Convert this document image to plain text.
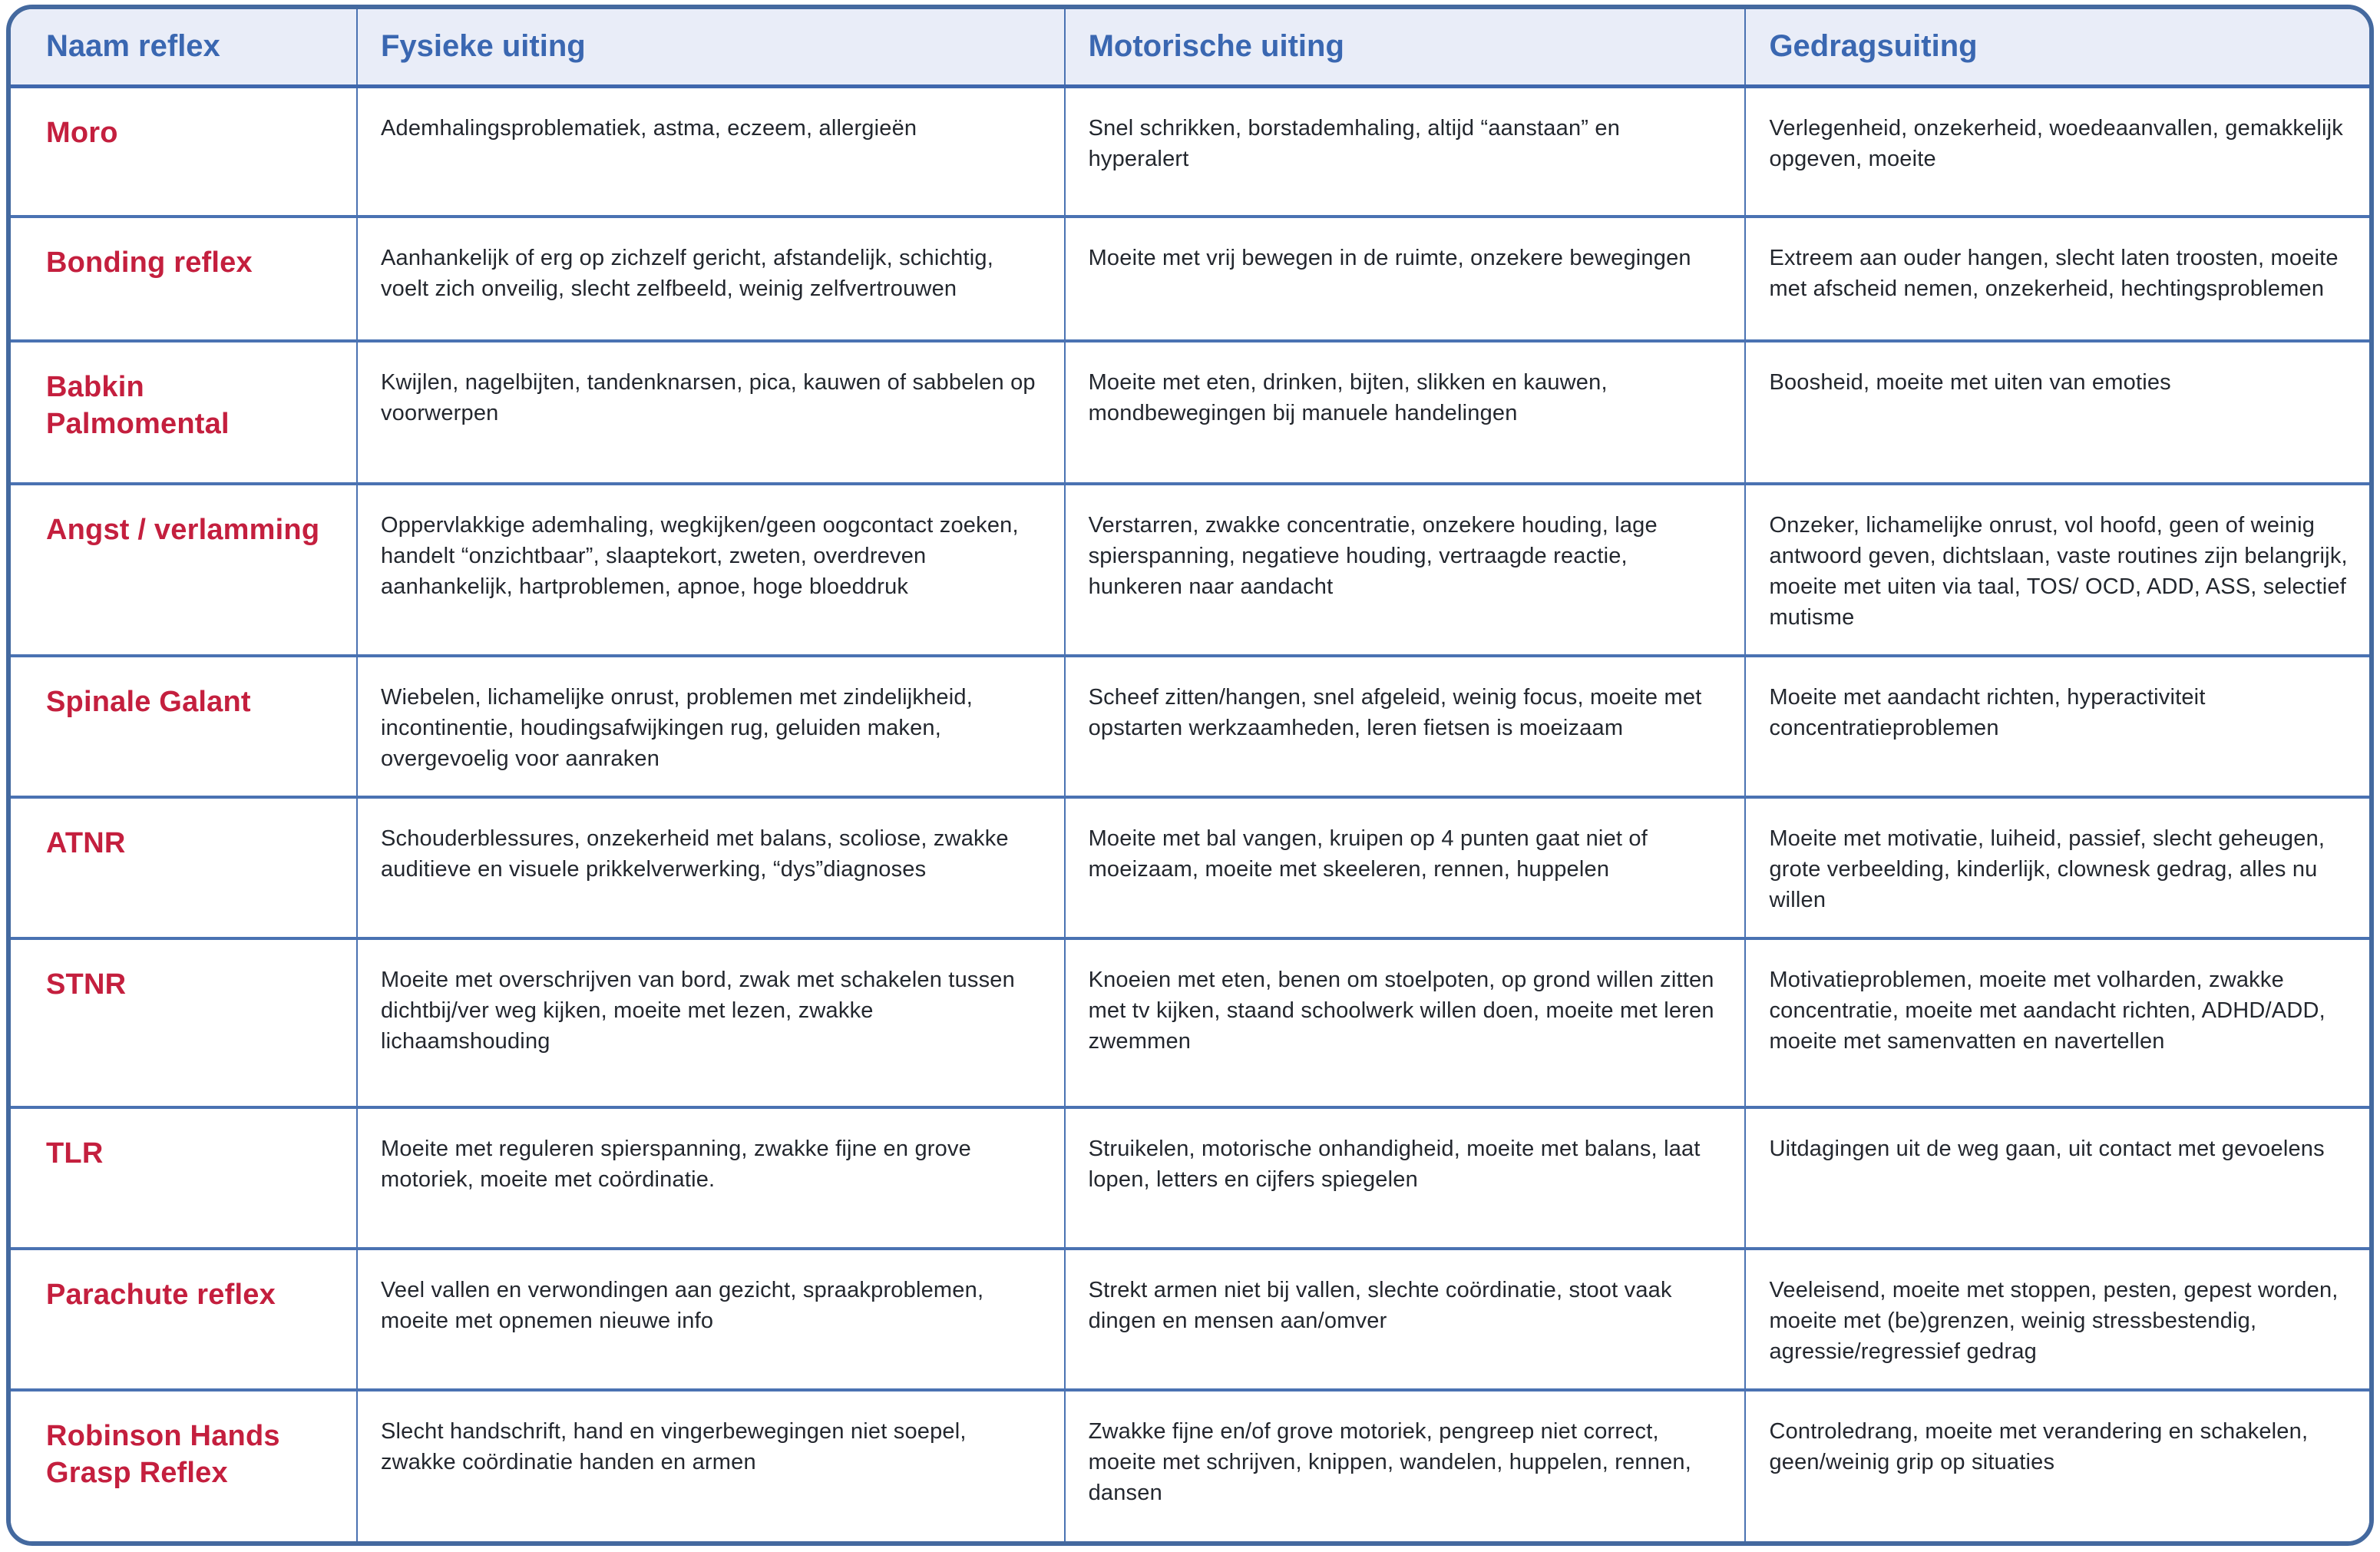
Naam reflex	Fysieke uiting	Motorische uiting	Gedragsuiting
Moro	Ademhalingsproblematiek, astma, eczeem, allergieën	Snel schrikken, borstademhaling, altijd “aanstaan” en hyperalert	Verlegenheid, onzekerheid, woedeaanvallen, gemakkelijk opgeven, moeite
Bonding reflex	Aanhankelijk of erg op zichzelf gericht, afstandelijk, schichtig, voelt zich onveilig, slecht zelfbeeld, weinig zelfvertrouwen	Moeite met vrij bewegen in de ruimte, onzekere bewegingen	Extreem aan ouder hangen, slecht laten troosten, moeite met afscheid nemen, onzekerheid, hechtingsproblemen
Babkin Palmomental	Kwijlen, nagelbijten, tandenknarsen, pica, kauwen of sabbelen op voorwerpen	Moeite met eten, drinken, bijten, slikken en kauwen, mondbewegingen bij manuele handelingen	Boosheid, moeite met uiten van emoties
Angst / verlamming	Oppervlakkige ademhaling, wegkijken/geen oogcontact zoeken, handelt “onzichtbaar”, slaaptekort, zweten, overdreven aanhankelijk, hartproblemen, apnoe, hoge bloeddruk	Verstarren, zwakke concentratie, onzekere houding, lage spierspanning, negatieve houding, vertraagde reactie, hunkeren naar aandacht	Onzeker, lichamelijke onrust, vol hoofd, geen of weinig antwoord geven, dichtslaan, vaste routines zijn belangrijk, moeite met uiten via taal, TOS/ OCD, ADD, ASS, selectief mutisme
Spinale Galant	Wiebelen, lichamelijke onrust, problemen met zindelijkheid, incontinentie, houdingsafwijkingen rug, geluiden maken, overgevoelig voor aanraken	Scheef zitten/hangen, snel afgeleid, weinig focus, moeite met opstarten werkzaamheden, leren fietsen is moeizaam	Moeite met aandacht richten, hyperactiviteit concentratieproblemen
ATNR	Schouderblessures, onzekerheid met balans, scoliose, zwakke auditieve en visuele prikkelverwerking, “dys”diagnoses	Moeite met bal vangen, kruipen op 4 punten gaat niet of moeizaam, moeite met skeeleren, rennen, huppelen	Moeite met motivatie, luiheid, passief, slecht geheugen, grote verbeelding, kinderlijk, clownesk gedrag, alles nu willen
STNR	Moeite met overschrijven van bord, zwak met schakelen tussen dichtbij/ver weg kijken, moeite met lezen, zwakke lichaamshouding	Knoeien met eten, benen om stoelpoten, op grond willen zitten met tv kijken, staand schoolwerk willen doen, moeite met leren zwemmen	Motivatieproblemen, moeite met volharden, zwakke concentratie, moeite met aandacht richten, ADHD/ADD, moeite met samenvatten en navertellen
TLR	Moeite met reguleren spierspanning, zwakke fijne en grove motoriek, moeite met coördinatie.	Struikelen, motorische onhandigheid, moeite met balans, laat lopen, letters en cijfers spiegelen	Uitdagingen uit de weg gaan, uit contact met gevoelens
Parachute reflex	Veel vallen en verwondingen aan gezicht, spraakproblemen, moeite met opnemen nieuwe info	Strekt armen niet bij vallen, slechte coördinatie, stoot vaak dingen en mensen aan/omver	Veeleisend, moeite met stoppen, pesten, gepest worden, moeite met (be)grenzen, weinig stressbestendig, agressie/regressief gedrag
Robinson Hands Grasp Reflex	Slecht handschrift, hand en vingerbewegingen niet soepel, zwakke coördinatie handen en armen	Zwakke fijne en/of grove motoriek, pengreep niet correct, moeite met schrijven, knippen, wandelen, huppelen, rennen, dansen	Controledrang, moeite met verandering en schakelen, geen/weinig grip op situaties
